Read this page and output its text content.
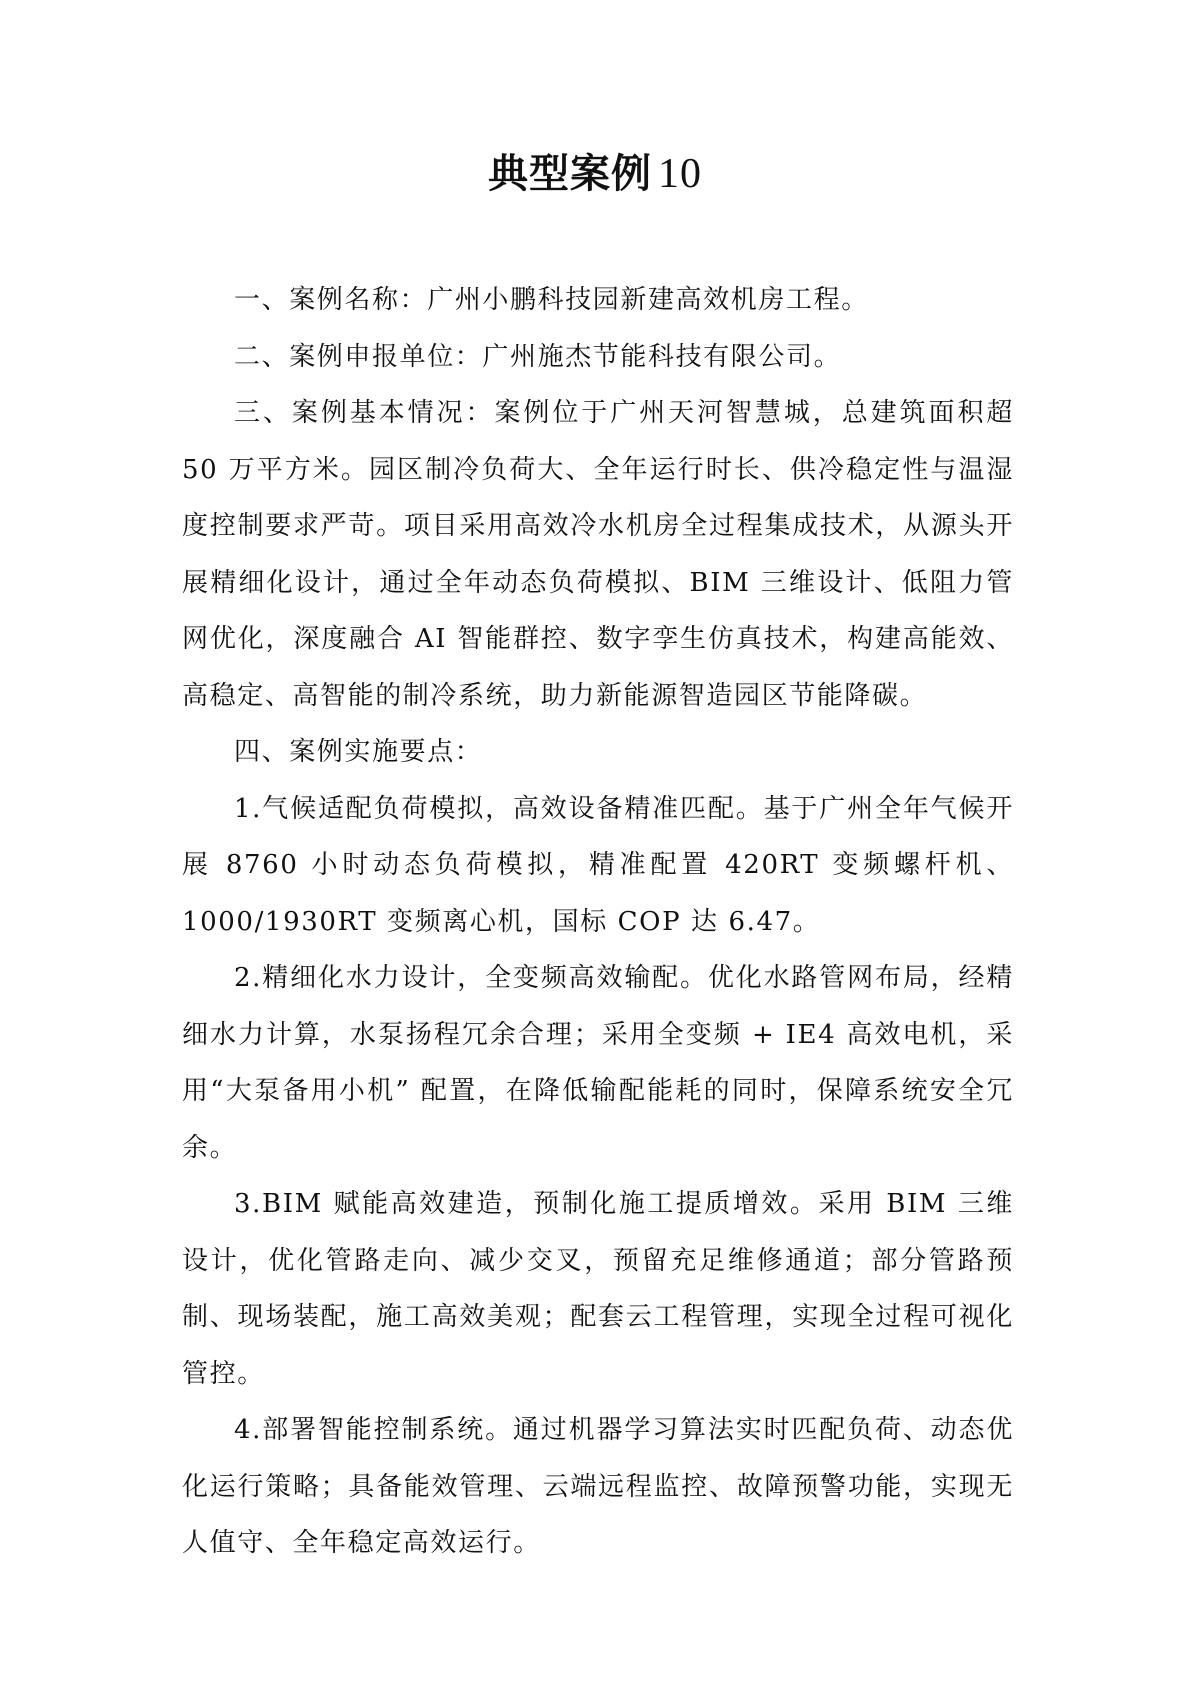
典型案例 10

一、案例名称：广州小鹏科技园新建高效机房工程。

二、案例申报单位：广州施杰节能科技有限公司。

三、案例基本情况：案例位于广州天河智慧城，总建筑面积超 50 万平方米。园区制冷负荷大、全年运行时长、供冷稳定性与温湿度控制要求严苛。项目采用高效冷水机房全过程集成技术，从源头开展精细化设计，通过全年动态负荷模拟、BIM 三维设计、低阻力管网优化，深度融合 AI 智能群控、数字孪生仿真技术，构建高能效、高稳定、高智能的制冷系统，助力新能源智造园区节能降碳。

四、案例实施要点：

1.气候适配负荷模拟，高效设备精准匹配。基于广州全年气候开展 8760 小时动态负荷模拟，精准配置 420RT 变频螺杆机、1000/1930RT 变频离心机，国标 COP 达 6.47。

2.精细化水力设计，全变频高效输配。优化水路管网布局，经精细水力计算，水泵扬程冗余合理；采用全变频 + IE4 高效电机，采用“大泵备用小机” 配置，在降低输配能耗的同时，保障系统安全冗余。

3.BIM 赋能高效建造，预制化施工提质增效。采用 BIM 三维设计，优化管路走向、减少交叉，预留充足维修通道；部分管路预制、现场装配，施工高效美观；配套云工程管理，实现全过程可视化管控。

4.部署智能控制系统。通过机器学习算法实时匹配负荷、动态优化运行策略；具备能效管理、云端远程监控、故障预警功能，实现无人值守、全年稳定高效运行。
